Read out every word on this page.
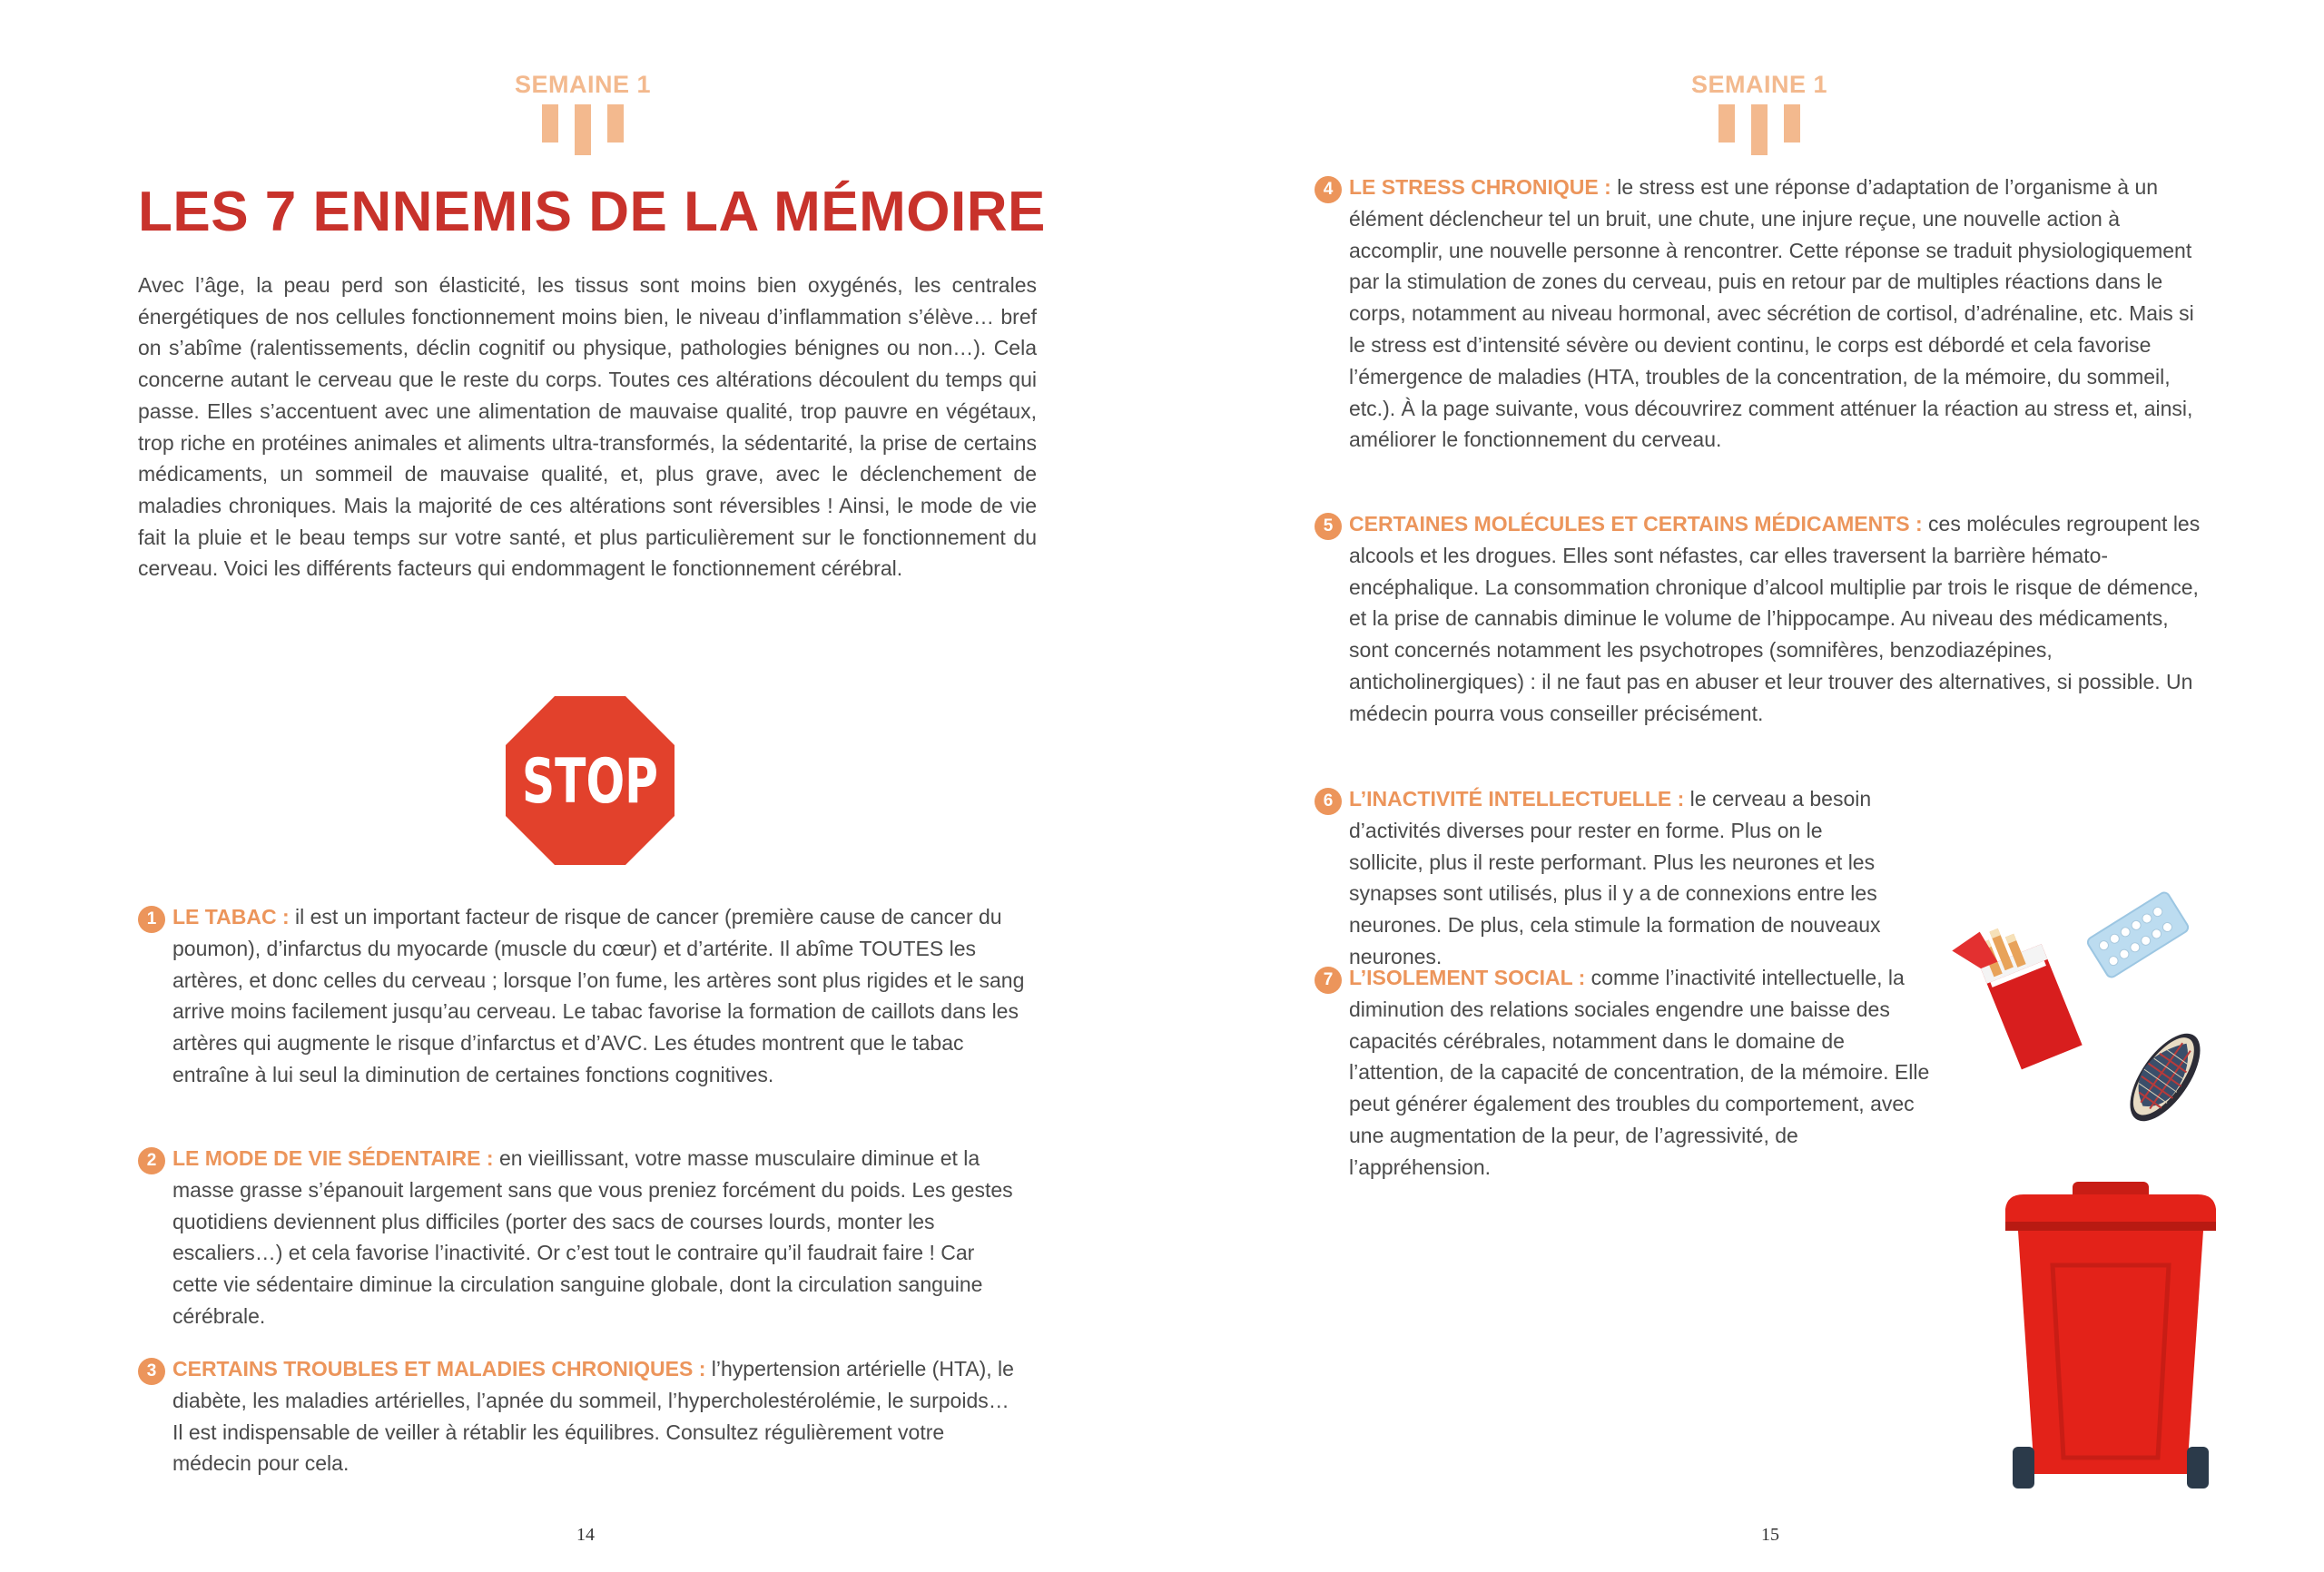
SEMAINE 1
LES 7 ENNEMIS DE LA MÉMOIRE

Avec l’âge, la peau perd son élasticité, les tissus sont moins bien oxygénés, les centrales énergétiques de nos cellules fonctionnement moins bien, le niveau d’inflammation s’élève… bref on s’abîme (ralentissements, déclin cognitif ou physique, pathologies bénignes ou non…). Cela concerne autant le cerveau que le reste du corps. Toutes ces altérations découlent du temps qui passe. Elles s’accentuent avec une alimentation de mauvaise qualité, trop pauvre en végétaux, trop riche en protéines animales et aliments ultra-transformés, la sédentarité, la prise de certains médicaments, un sommeil de mauvaise qualité, et, plus grave, avec le déclenchement de maladies chroniques. Mais la majorité de ces altérations sont réversibles ! Ainsi, le mode de vie fait la pluie et le beau temps sur votre santé, et plus particulièrement sur le fonctionnement du cerveau. Voici les différents facteurs qui endommagent le fonctionnement cérébral.

STOP
1 LE TABAC : il est un important facteur de risque de cancer (première cause de cancer du poumon), d’infarctus du myocarde (muscle du cœur) et d’artérite. Il abîme TOUTES les artères, et donc celles du cerveau ; lorsque l’on fume, les artères sont plus rigides et le sang arrive moins facilement jusqu’au cerveau. Le tabac favorise la formation de caillots dans les artères qui augmente le risque d’infarctus et d’AVC. Les études montrent que le tabac entraîne à lui seul la diminution de certaines fonctions cognitives.
2 LE MODE DE VIE SÉDENTAIRE : en vieillissant, votre masse musculaire diminue et la masse grasse s’épanouit largement sans que vous preniez forcément du poids. Les gestes quotidiens deviennent plus difficiles (porter des sacs de courses lourds, monter les escaliers…) et cela favorise l’inactivité. Or c’est tout le contraire qu’il faudrait faire ! Car cette vie sédentaire diminue la circulation sanguine globale, dont la circulation sanguine cérébrale.
3 CERTAINS TROUBLES ET MALADIES CHRONIQUES : l’hypertension artérielle (HTA), le diabète, les maladies artérielles, l’apnée du sommeil, l’hypercholestérolémie, le surpoids… Il est indispensable de veiller à rétablir les équilibres. Consultez régulièrement votre médecin pour cela.
14
SEMAINE 1
4 LE STRESS CHRONIQUE : le stress est une réponse d’adaptation de l’organisme à un élément déclencheur tel un bruit, une chute, une injure reçue, une nouvelle action à accomplir, une nouvelle personne à rencontrer. Cette réponse se traduit physiologiquement par la stimulation de zones du cerveau, puis en retour par de multiples réactions dans le corps, notamment au niveau hormonal, avec sécrétion de cortisol, d’adrénaline, etc. Mais si le stress est d’intensité sévère ou devient continu, le corps est débordé et cela favorise l’émergence de maladies (HTA, troubles de la concentration, de la mémoire, du sommeil, etc.). À la page suivante, vous découvrirez comment atténuer la réaction au stress et, ainsi, améliorer le fonctionnement du cerveau.
5 CERTAINES MOLÉCULES ET CERTAINS MÉDICAMENTS : ces molécules regroupent les alcools et les drogues. Elles sont néfastes, car elles traversent la barrière hémato-encéphalique. La consommation chronique d’alcool multiplie par trois le risque de démence, et la prise de cannabis diminue le volume de l’hippocampe. Au niveau des médicaments, sont concernés notamment les psychotropes (somnifères, benzodiazépines, anticholinergiques) : il ne faut pas en abuser et leur trouver des alternatives, si possible. Un médecin pourra vous conseiller précisément.
6 L’INACTIVITÉ INTELLECTUELLE : le cerveau a besoin d’activités diverses pour rester en forme. Plus on le sollicite, plus il reste performant. Plus les neurones et les synapses sont utilisés, plus il y a de connexions entre les neurones. De plus, cela stimule la formation de nouveaux neurones.
7 L’ISOLEMENT SOCIAL : comme l’inactivité intellectuelle, la diminution des relations sociales engendre une baisse des capacités cérébrales, notamment dans le domaine de l’attention, de la capacité de concentration, de la mémoire. Elle peut générer également des troubles du comportement, avec une augmentation de la peur, de l’agressivité, de l’appréhension.
15
